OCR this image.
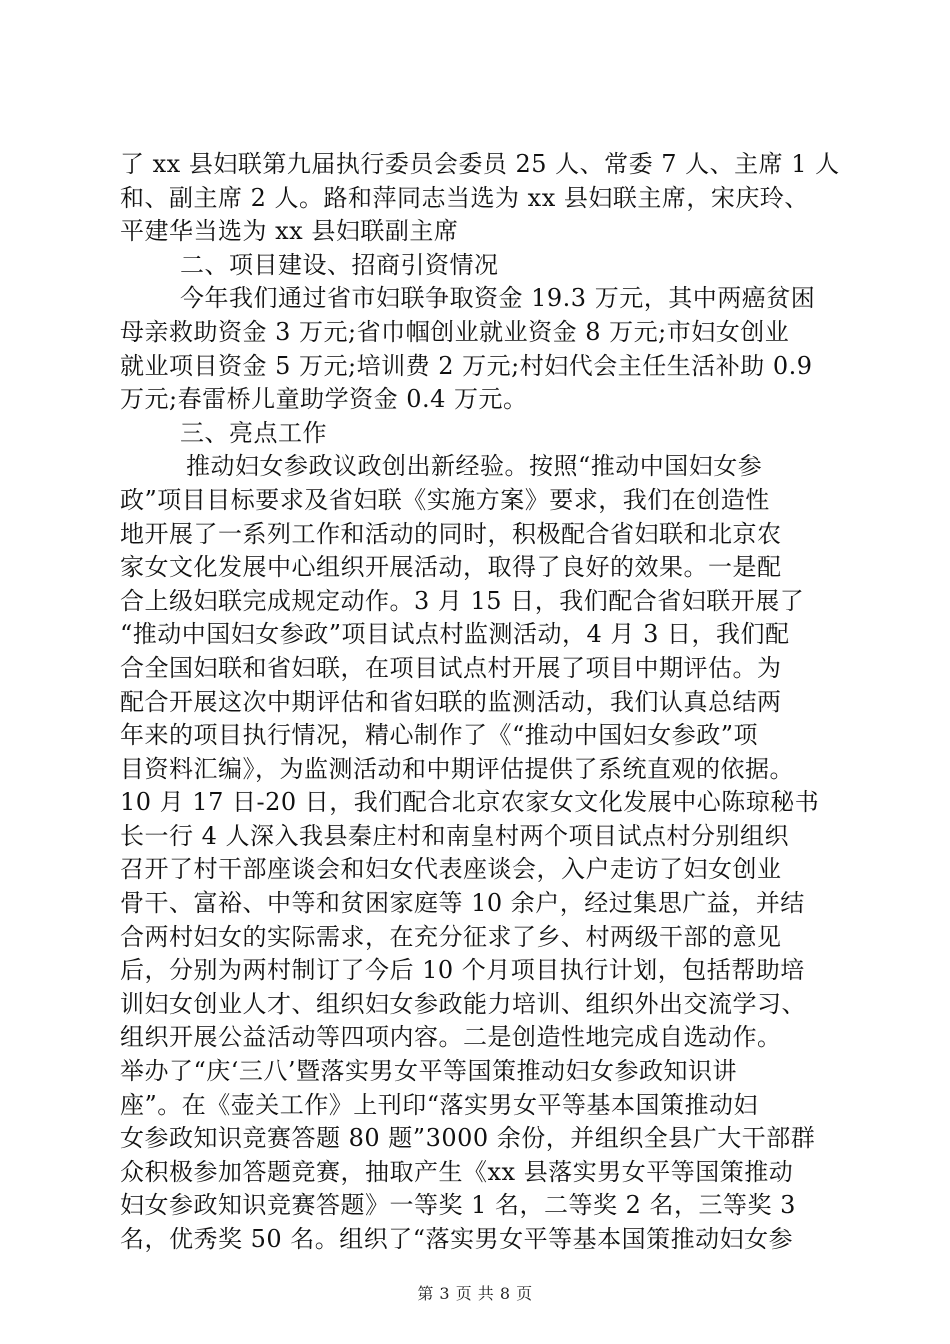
了 xx 县妇联第九届执行委员会委员 25 人、常委 7 人、主席 1 人
和、副主席 2 人。路和萍同志当选为 xx 县妇联主席，宋庆玲、
平建华当选为 xx 县妇联副主席
二、项目建设、招商引资情况
今年我们通过省市妇联争取资金 19.3 万元，其中两癌贫困
母亲救助资金 3 万元;省巾帼创业就业资金 8 万元;市妇女创业
就业项目资金 5 万元;培训费 2 万元;村妇代会主任生活补助 0.9
万元;春雷桥儿童助学资金 0.4 万元。
三、亮点工作
推动妇女参政议政创出新经验。按照“推动中国妇女参
政”项目目标要求及省妇联《实施方案》要求，我们在创造性
地开展了一系列工作和活动的同时，积极配合省妇联和北京农
家女文化发展中心组织开展活动，取得了良好的效果。一是配
合上级妇联完成规定动作。3 月 15 日，我们配合省妇联开展了
“推动中国妇女参政”项目试点村监测活动，4 月 3 日，我们配
合全国妇联和省妇联，在项目试点村开展了项目中期评估。为
配合开展这次中期评估和省妇联的监测活动，我们认真总结两
年来的项目执行情况，精心制作了《“推动中国妇女参政”项
目资料汇编》，为监测活动和中期评估提供了系统直观的依据。
10 月 17 日-20 日，我们配合北京农家女文化发展中心陈琼秘书
长一行 4 人深入我县秦庄村和南皇村两个项目试点村分别组织
召开了村干部座谈会和妇女代表座谈会，入户走访了妇女创业
骨干、富裕、中等和贫困家庭等 10 余户，经过集思广益，并结
合两村妇女的实际需求，在充分征求了乡、村两级干部的意见
后，分别为两村制订了今后 10 个月项目执行计划，包括帮助培
训妇女创业人才、组织妇女参政能力培训、组织外出交流学习、
组织开展公益活动等四项内容。二是创造性地完成自选动作。
举办了“庆‘三八’暨落实男女平等国策推动妇女参政知识讲
座”。在《壶关工作》上刊印“落实男女平等基本国策推动妇
女参政知识竞赛答题 80 题”3000 余份，并组织全县广大干部群
众积极参加答题竞赛，抽取产生《xx 县落实男女平等国策推动
妇女参政知识竞赛答题》一等奖 1 名，二等奖 2 名，三等奖 3
名，优秀奖 50 名。组织了“落实男女平等基本国策推动妇女参
第 3 页 共 8 页
